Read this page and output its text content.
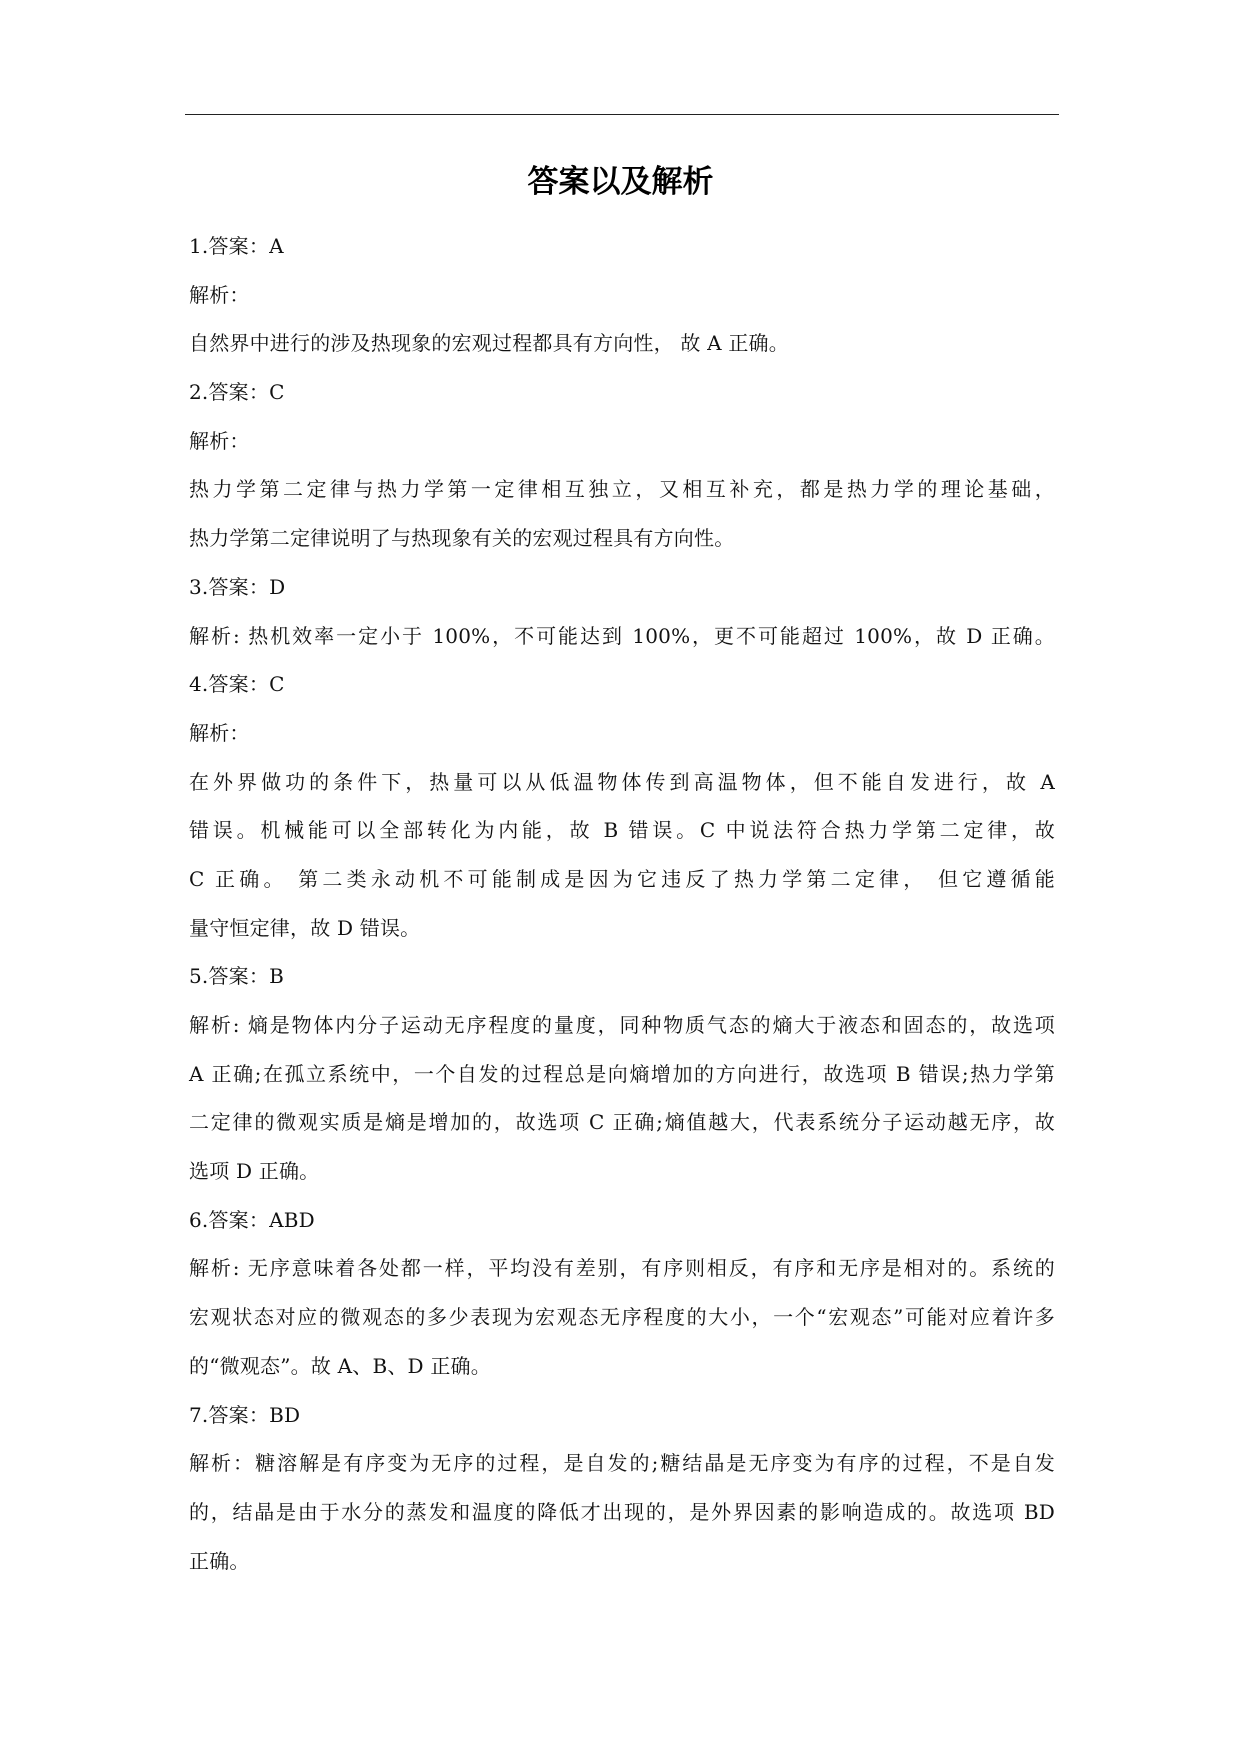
答案以及解析
1.答案：A
解析：
自然界中进行的涉及热现象的宏观过程都具有方向性， 故 A 正确。
2.答案：C
解析：
热力学第二定律与热力学第一定律相互独立，又相互补充，都是热力学的理论基础，
热力学第二定律说明了与热现象有关的宏观过程具有方向性。
3.答案：D
解析: 热机效率一定小于 100%，不可能达到 100%，更不可能超过 100%，故 D 正确。
4.答案：C
解析：
在外界做功的条件下，热量可以从低温物体传到高温物体，但不能自发进行，故 A
错误。机械能可以全部转化为内能，故 B 错误。C 中说法符合热力学第二定律，故
C 正确。 第二类永动机不可能制成是因为它违反了热力学第二定律， 但它遵循能
量守恒定律，故 D 错误。
5.答案：B
解析: 熵是物体内分子运动无序程度的量度，同种物质气态的熵大于液态和固态的，故选项
A 正确;在孤立系统中，一个自发的过程总是向熵增加的方向进行，故选项 B 错误;热力学第
二定律的微观实质是熵是增加的，故选项 C 正确;熵值越大，代表系统分子运动越无序，故
选项 D 正确。
6.答案：ABD
解析: 无序意味着各处都一样，平均没有差别，有序则相反，有序和无序是相对的。系统的
宏观状态对应的微观态的多少表现为宏观态无序程度的大小，一个“宏观态”可能对应着许多
的“微观态”。故 A、B、D 正确。
7.答案：BD
解析：糖溶解是有序变为无序的过程，是自发的;糖结晶是无序变为有序的过程，不是自发
的，结晶是由于水分的蒸发和温度的降低才出现的，是外界因素的影响造成的。故选项 BD
正确。
